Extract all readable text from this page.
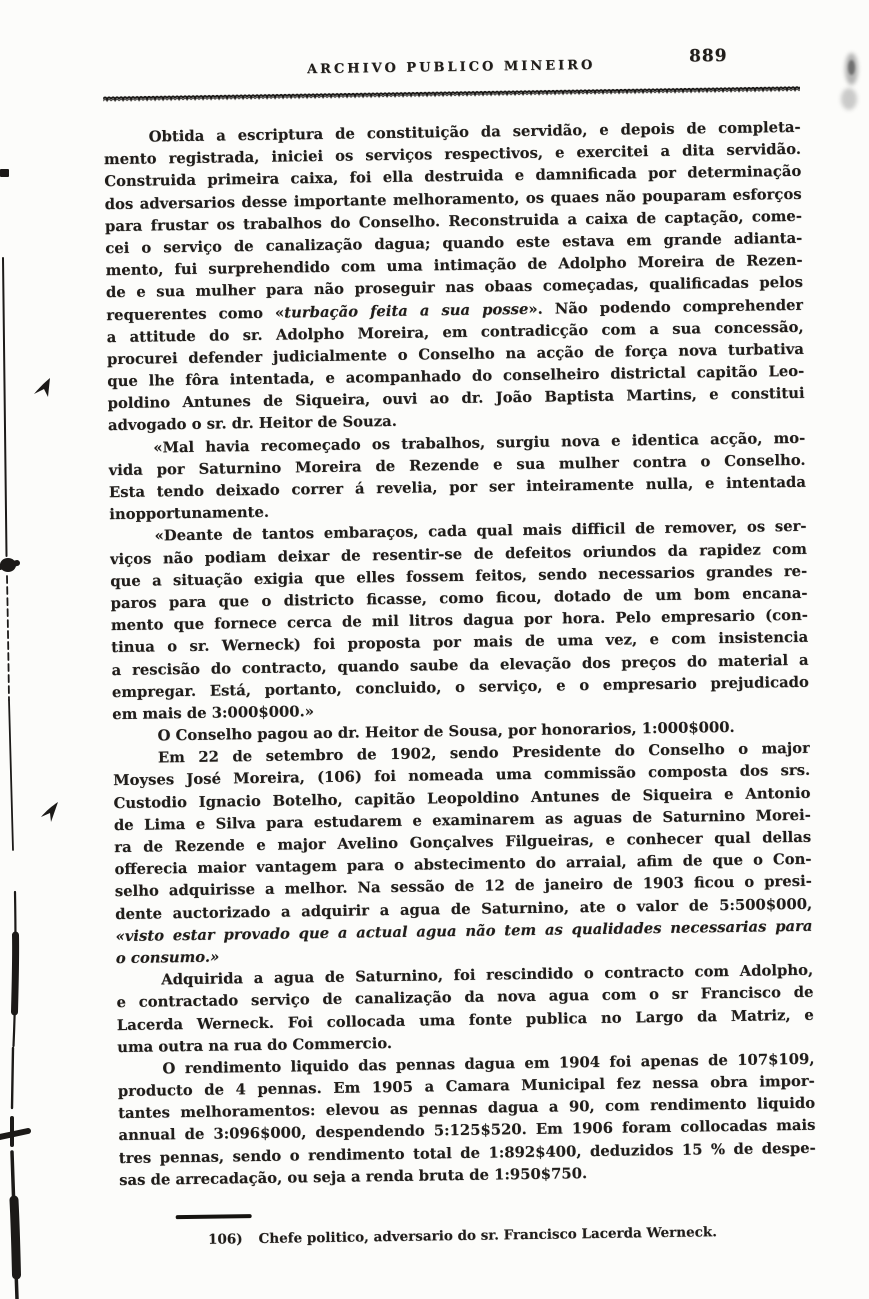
ARCHIVO PUBLICO MINEIRO
889
Obtida a escriptura de constituição da servidão, e depois de completa-
mento registrada, iniciei os serviços respectivos, e exercitei a dita servidão.
Construida primeira caixa, foi ella destruida e damnificada por determinação
dos adversarios desse importante melhoramento, os quaes não pouparam esforços
para frustar os trabalhos do Conselho. Reconstruida a caixa de captação, come-
cei o serviço de canalização dagua; quando este estava em grande adianta-
mento, fui surprehendido com uma intimação de Adolpho Moreira de Rezen-
de e sua mulher para não proseguir nas obaas começadas, qualificadas pelos
requerentes como «turbação feita a sua posse». Não podendo comprehender
a attitude do sr. Adolpho Moreira, em contradicção com a sua concessão,
procurei defender judicialmente o Conselho na acção de força nova turbativa
que lhe fôra intentada, e acompanhado do conselheiro districtal capitão Leo-
poldino Antunes de Siqueira, ouvi ao dr. João Baptista Martins, e constitui
advogado o sr. dr. Heitor de Souza.
«Mal havia recomeçado os trabalhos, surgiu nova e identica acção, mo-
vida por Saturnino Moreira de Rezende e sua mulher contra o Conselho.
Esta tendo deixado correr á revelia, por ser inteiramente nulla, e intentada
inopportunamente.
«Deante de tantos embaraços, cada qual mais difficil de remover, os ser-
viços não podiam deixar de resentir-se de defeitos oriundos da rapidez com
que a situação exigia que elles fossem feitos, sendo necessarios grandes re-
paros para que o districto ficasse, como ficou, dotado de um bom encana-
mento que fornece cerca de mil litros dagua por hora. Pelo empresario (con-
tinua o sr. Werneck) foi proposta por mais de uma vez, e com insistencia
a rescisão do contracto, quando saube da elevação dos preços do material a
empregar. Está, portanto, concluido, o serviço, e o empresario prejudicado
em mais de 3:000$000.»
O Conselho pagou ao dr. Heitor de Sousa, por honorarios, 1:000$000.
Em 22 de setembro de 1902, sendo Presidente do Conselho o major
Moyses José Moreira, (106) foi nomeada uma commissão composta dos srs.
Custodio Ignacio Botelho, capitão Leopoldino Antunes de Siqueira e Antonio
de Lima e Silva para estudarem e examinarem as aguas de Saturnino Morei-
ra de Rezende e major Avelino Gonçalves Filgueiras, e conhecer qual dellas
offerecia maior vantagem para o abstecimento do arraial, afim de que o Con-
selho adquirisse a melhor. Na sessão de 12 de janeiro de 1903 ficou o presi-
dente auctorizado a adquirir a agua de Saturnino, ate o valor de 5:500$000,
«visto estar provado que a actual agua não tem as qualidades necessarias para
o consumo.»
Adquirida a agua de Saturnino, foi rescindido o contracto com Adolpho,
e contractado serviço de canalização da nova agua com o sr Francisco de
Lacerda Werneck. Foi collocada uma fonte publica no Largo da Matriz, e
uma outra na rua do Commercio.
O rendimento liquido das pennas dagua em 1904 foi apenas de 107$109,
producto de 4 pennas. Em 1905 a Camara Municipal fez nessa obra impor-
tantes melhoramentos: elevou as pennas dagua a 90, com rendimento liquido
annual de 3:096$000, despendendo 5:125$520. Em 1906 foram collocadas mais
tres pennas, sendo o rendimento total de 1:892$400, deduzidos 15 % de despe-
sas de arrecadação, ou seja a renda bruta de 1:950$750.
106) Chefe politico, adversario do sr. Francisco Lacerda Werneck.
